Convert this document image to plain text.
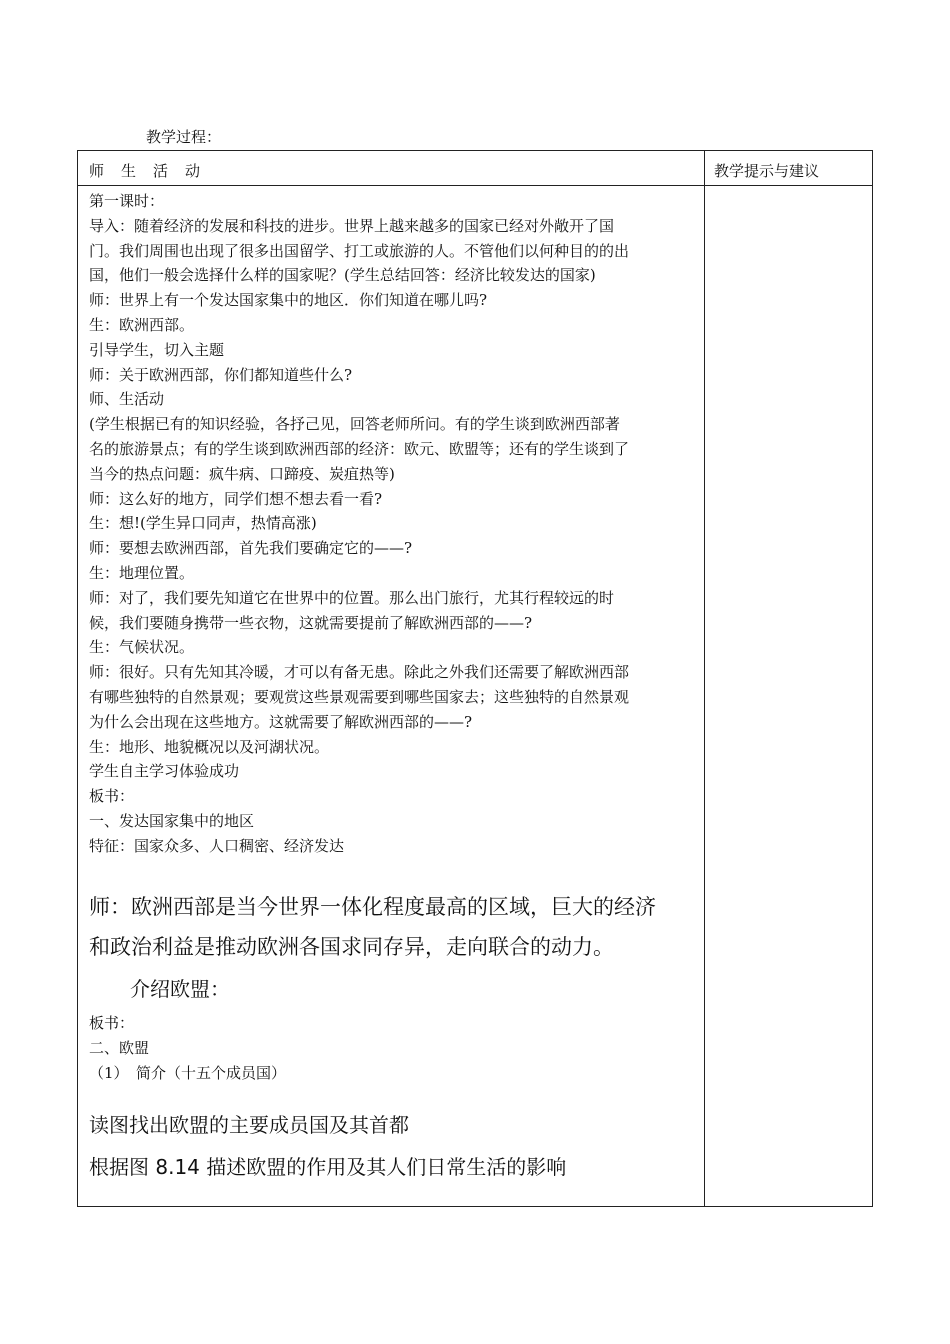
教学过程：
师　生　活　动	教学提示与建议
第一课时：
导入：随着经济的发展和科技的进步。世界上越来越多的国家已经对外敞开了国
门。我们周围也出现了很多出国留学、打工或旅游的人。不管他们以何种目的的出
国，他们一般会选择什么样的国家呢？(学生总结回答：经济比较发达的国家)
师：世界上有一个发达国家集中的地区．你们知道在哪儿吗?
生：欧洲西部。
引导学生，切入主题
师：关于欧洲西部，你们都知道些什么?
师、生活动
(学生根据已有的知识经验，各抒己见，回答老师所问。有的学生谈到欧洲西部著
名的旅游景点；有的学生谈到欧洲西部的经济：欧元、欧盟等；还有的学生谈到了
当今的热点问题：疯牛病、口蹄疫、炭疽热等)
师：这么好的地方，同学们想不想去看一看?
生：想!(学生异口同声，热情高涨)
师：要想去欧洲西部，首先我们要确定它的——?
生：地理位置。
师：对了，我们要先知道它在世界中的位置。那么出门旅行，尤其行程较远的时
候，我们要随身携带一些衣物，这就需要提前了解欧洲西部的——?
生：气候状况。
师：很好。只有先知其冷暖，才可以有备无患。除此之外我们还需要了解欧洲西部
有哪些独特的自然景观；要观赏这些景观需要到哪些国家去；这些独特的自然景观
为什么会出现在这些地方。这就需要了解欧洲西部的——?
生：地形、地貌概况以及河湖状况。
学生自主学习体验成功
板书：
一、发达国家集中的地区
特征：国家众多、人口稠密、经济发达
师：欧洲西部是当今世界一体化程度最高的区域，巨大的经济
和政治利益是推动欧洲各国求同存异，走向联合的动力。
介绍欧盟：
板书：
二、欧盟
（1）　简介（十五个成员国）
读图找出欧盟的主要成员国及其首都
根据图 8.14 描述欧盟的作用及其人们日常生活的影响
